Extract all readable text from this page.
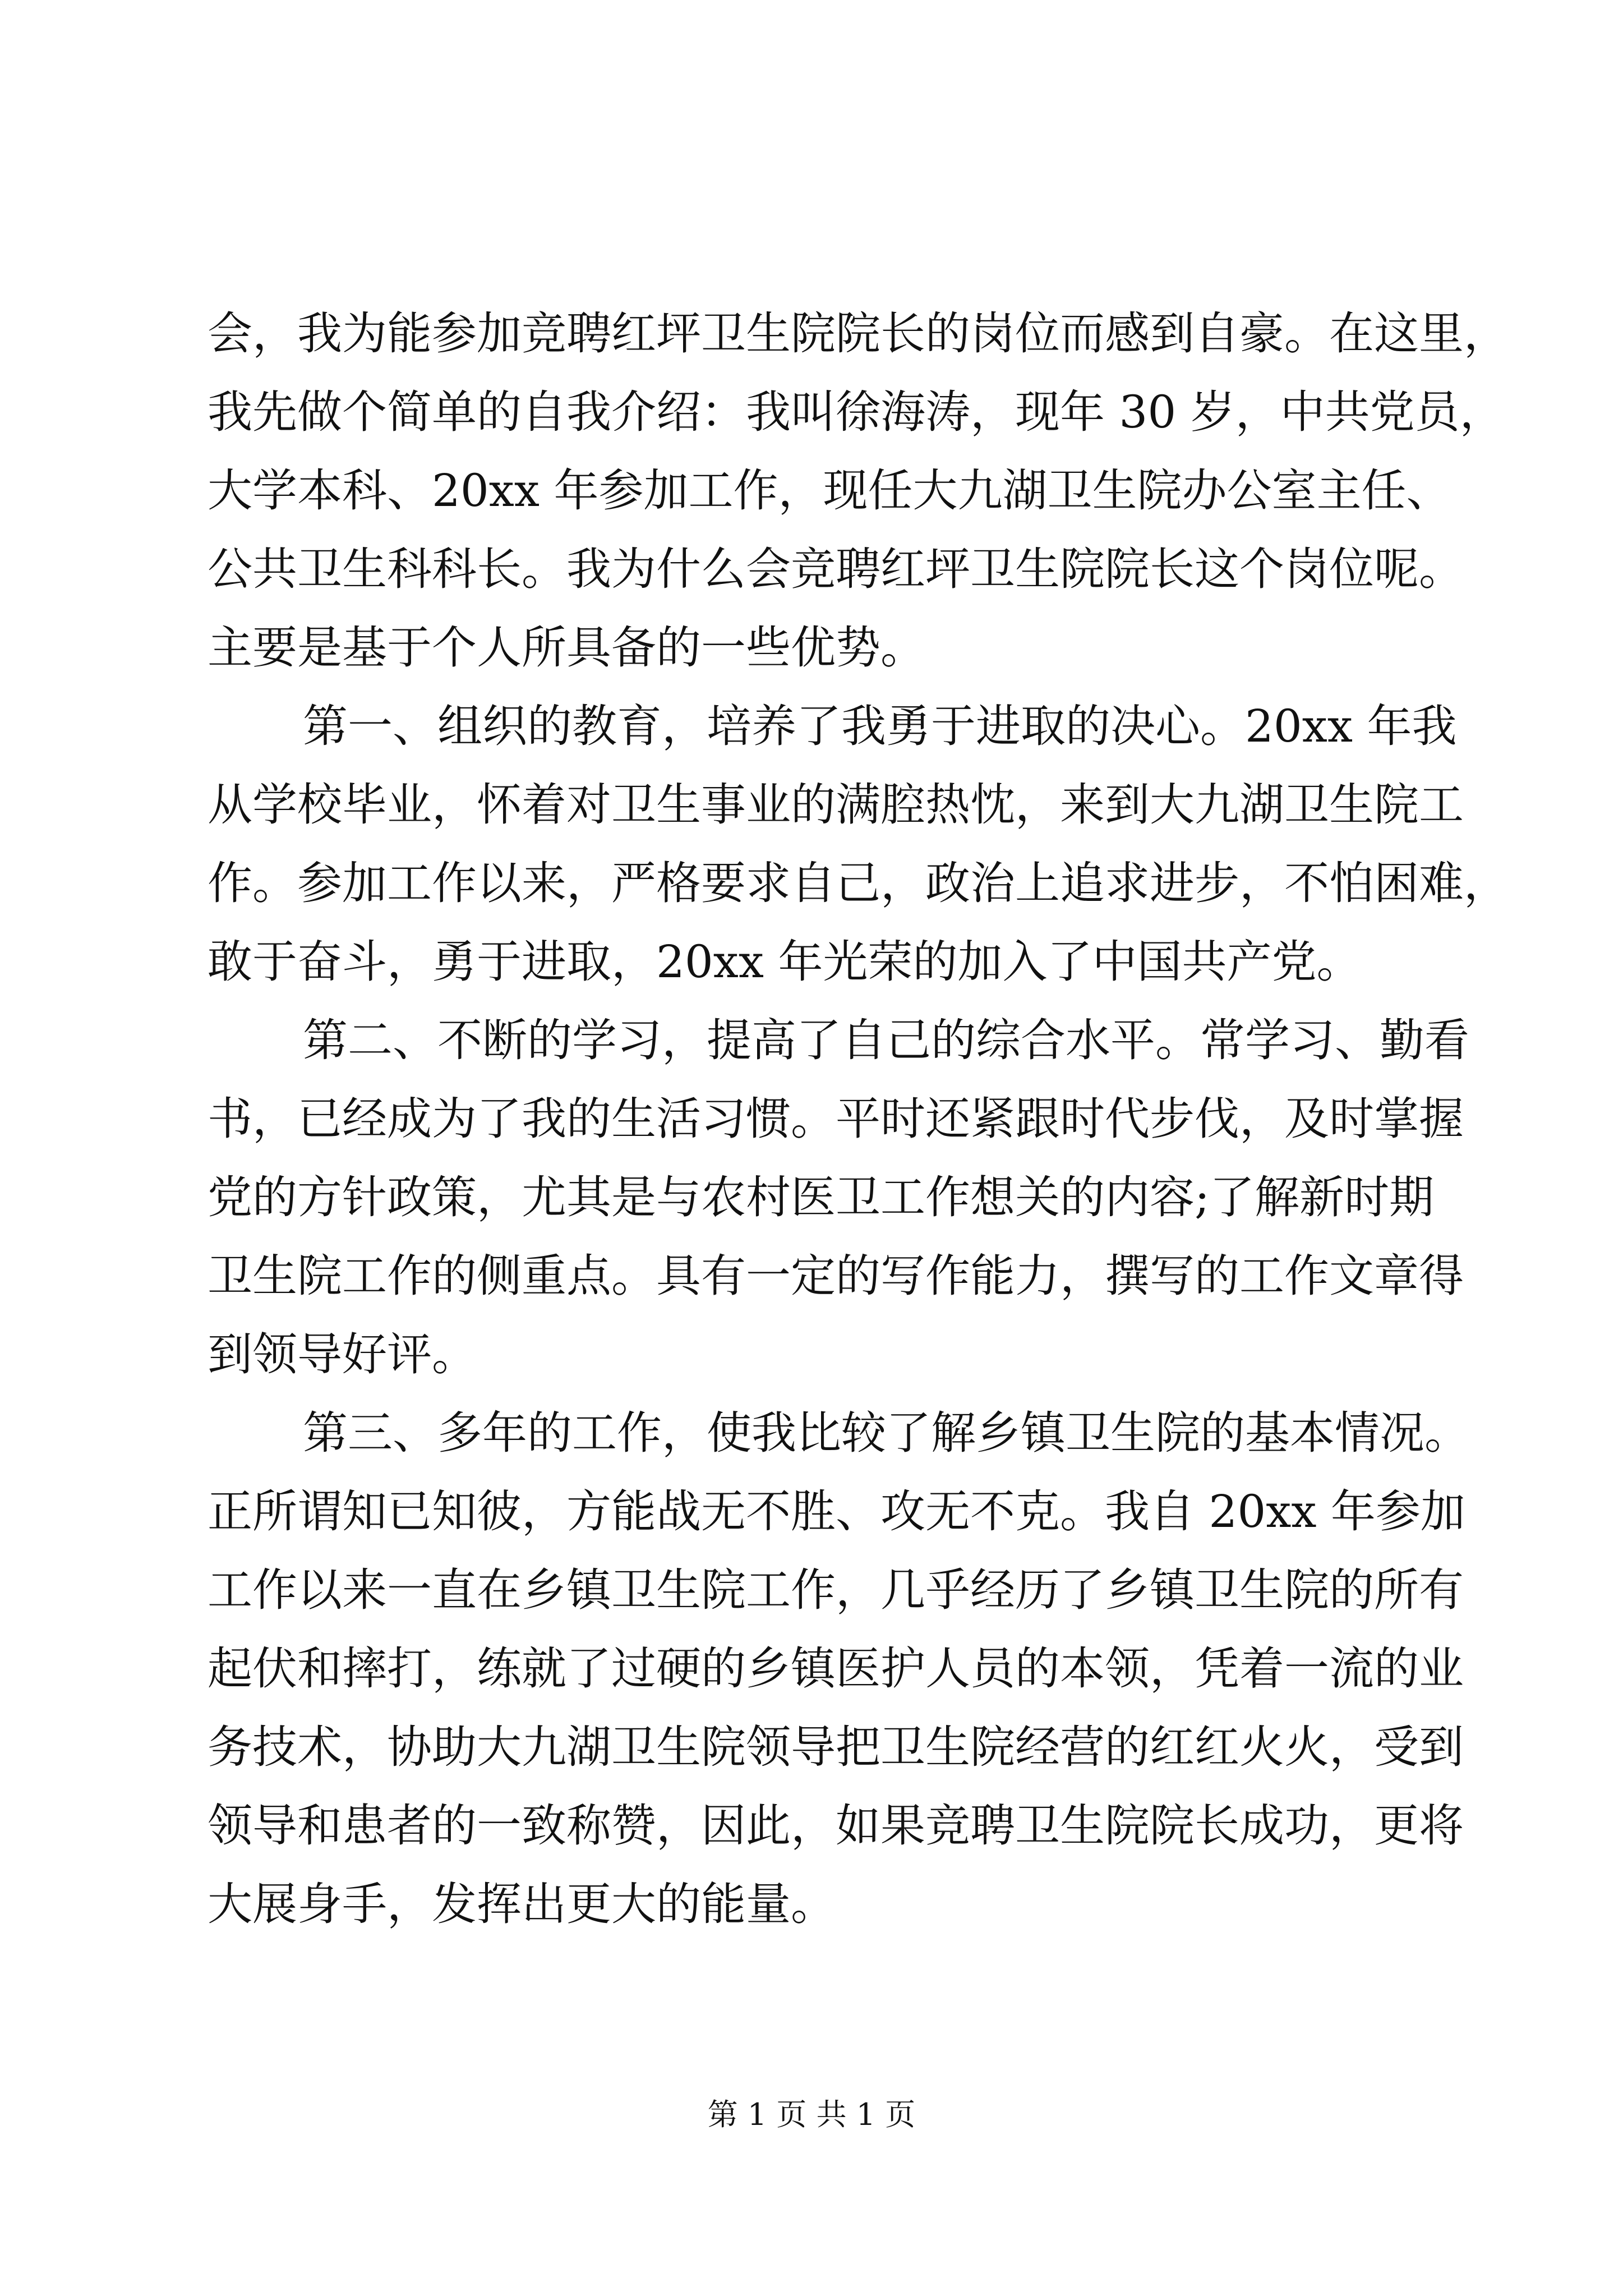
会，我为能参加竞聘红坪卫生院院长的岗位而感到自豪。在这里，
我先做个简单的自我介绍：我叫徐海涛，现年 30 岁，中共党员，
大学本科、20xx 年参加工作，现任大九湖卫生院办公室主任、
公共卫生科科长。我为什么会竞聘红坪卫生院院长这个岗位呢。
主要是基于个人所具备的一些优势。
第一、组织的教育，培养了我勇于进取的决心。20xx 年我
从学校毕业，怀着对卫生事业的满腔热忱，来到大九湖卫生院工
作。参加工作以来，严格要求自己，政治上追求进步，不怕困难，
敢于奋斗，勇于进取，20xx 年光荣的加入了中国共产党。
第二、不断的学习，提高了自己的综合水平。常学习、勤看
书，已经成为了我的生活习惯。平时还紧跟时代步伐，及时掌握
党的方针政策，尤其是与农村医卫工作想关的内容;了解新时期
卫生院工作的侧重点。具有一定的写作能力，撰写的工作文章得
到领导好评。
第三、多年的工作，使我比较了解乡镇卫生院的基本情况。
正所谓知已知彼，方能战无不胜、攻无不克。我自 20xx 年参加
工作以来一直在乡镇卫生院工作，几乎经历了乡镇卫生院的所有
起伏和摔打，练就了过硬的乡镇医护人员的本领，凭着一流的业
务技术，协助大九湖卫生院领导把卫生院经营的红红火火，受到
领导和患者的一致称赞，因此，如果竞聘卫生院院长成功，更将
大展身手，发挥出更大的能量。
第 1 页 共 1 页
